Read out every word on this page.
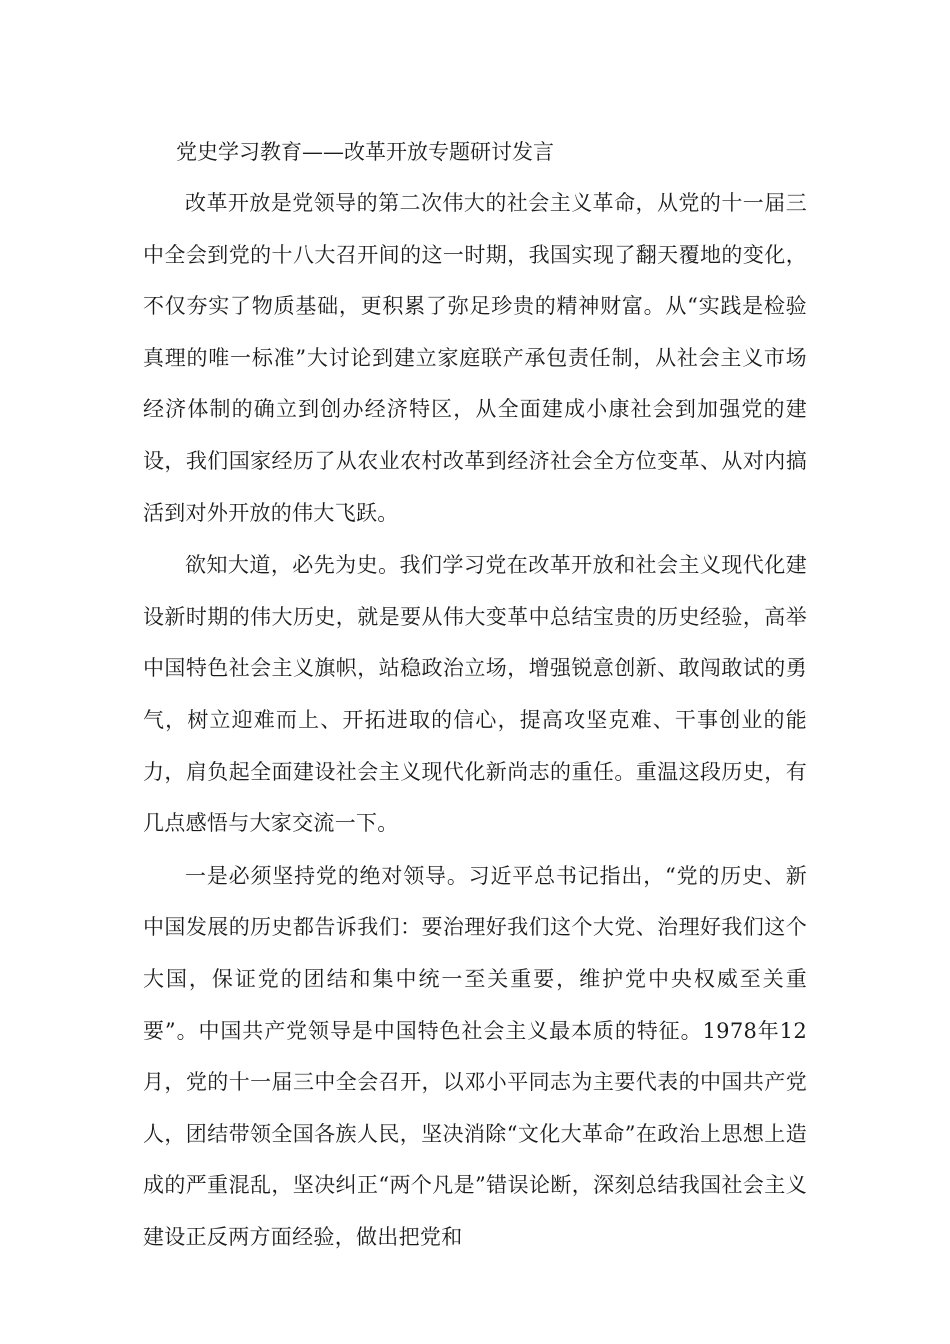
党史学习教育——改革开放专题研讨发言

改革开放是党领导的第二次伟大的社会主义革命，从党的十一届三中全会到党的十八大召开间的这一时期，我国实现了翻天覆地的变化，不仅夯实了物质基础，更积累了弥足珍贵的精神财富。从“实践是检验真理的唯一标准”大讨论到建立家庭联产承包责任制，从社会主义市场经济体制的确立到创办经济特区，从全面建成小康社会到加强党的建设，我们国家经历了从农业农村改革到经济社会全方位变革、从对内搞活到对外开放的伟大飞跃。

欲知大道，必先为史。我们学习党在改革开放和社会主义现代化建设新时期的伟大历史，就是要从伟大变革中总结宝贵的历史经验，高举中国特色社会主义旗帜，站稳政治立场，增强锐意创新、敢闯敢试的勇气，树立迎难而上、开拓进取的信心，提高攻坚克难、干事创业的能力，肩负起全面建设社会主义现代化新尚志的重任。重温这段历史，有几点感悟与大家交流一下。

一是必须坚持党的绝对领导。习近平总书记指出，“党的历史、新中国发展的历史都告诉我们：要治理好我们这个大党、治理好我们这个大国，保证党的团结和集中统一至关重要，维护党中央权威至关重要”。中国共产党领导是中国特色社会主义最本质的特征。1978年12月，党的十一届三中全会召开，以邓小平同志为主要代表的中国共产党人，团结带领全国各族人民，坚决消除“文化大革命”在政治上思想上造成的严重混乱，坚决纠正“两个凡是”错误论断，深刻总结我国社会主义建设正反两方面经验，做出把党和
